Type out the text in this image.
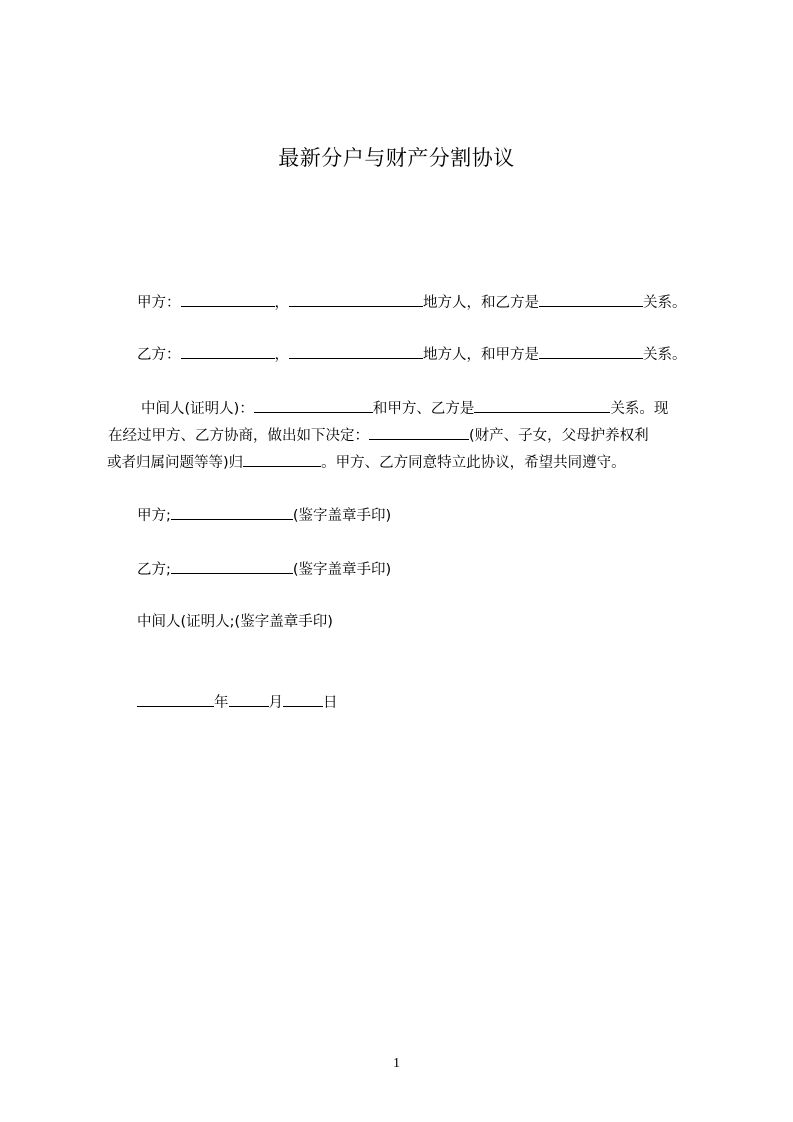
最新分户与财产分割协议
甲方：	，	地方人，和乙方是	关系。
乙方：	，	地方人，和甲方是	关系。
中间人(证明人)：	和甲方、乙方是	关系。现
在经过甲方、乙方协商，做出如下决定：	(财产、子女，父母护养权利
或者归属问题等等)归	。甲方、乙方同意特立此协议，希望共同遵守。
甲方;	(鉴字盖章手印)
乙方;	(鉴字盖章手印)
中间人(证明人;(鉴字盖章手印)
年	月	日
1
